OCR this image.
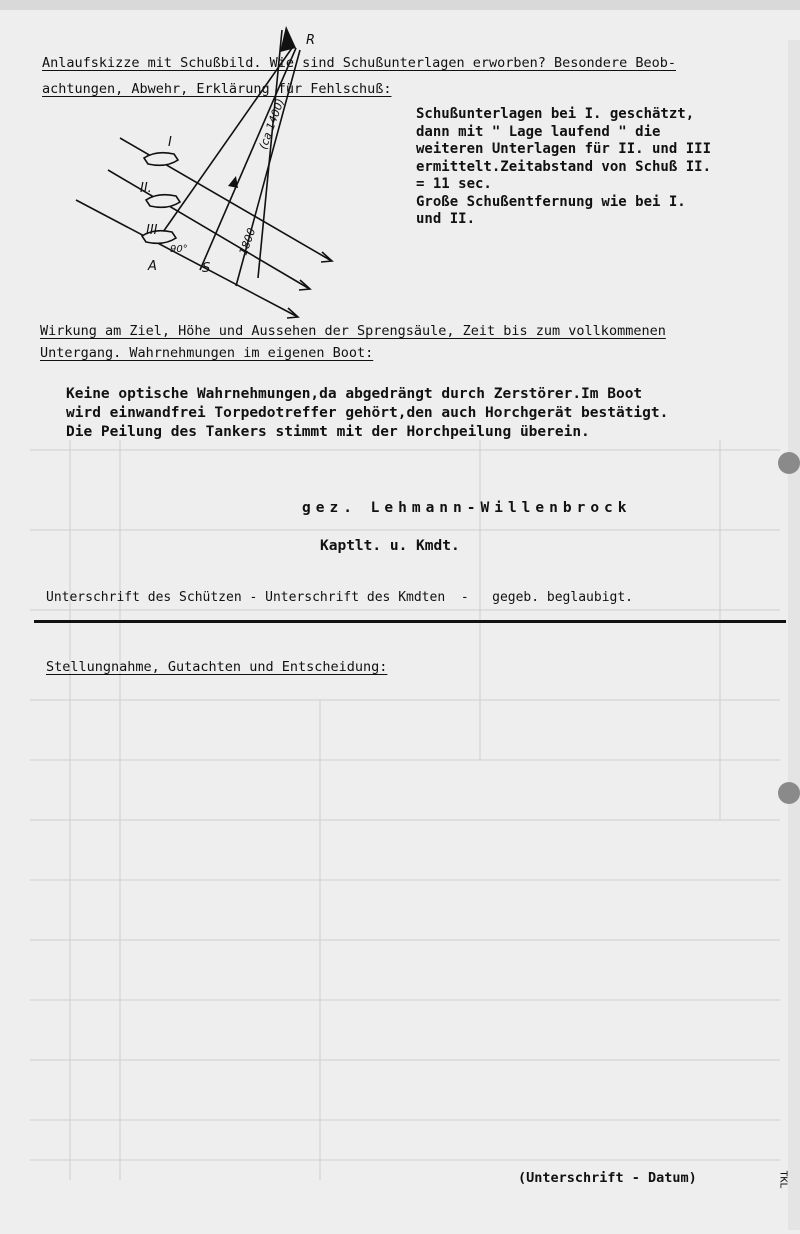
Anlaufskizze mit Schußbild. Wie sind Schußunterlagen erworben? Besondere Beob-
achtungen, Abwehr, Erklärung für Fehlschuß:
I
II.
III
A	S
90°
R
1800
(ca 1400)	Schußunterlagen bei I. geschätzt,
dann mit " Lage laufend " die
weiteren Unterlagen für II. und III
ermittelt.Zeitabstand von Schuß II.
= 11 sec.
Große Schußentfernung wie bei I.
und II.
Wirkung am Ziel, Höhe und Aussehen der Sprengsäule, Zeit bis zum vollkommenen
Untergang. Wahrnehmungen im eigenen Boot:
Keine optische Wahrnehmungen,da abgedrängt durch Zerstörer.Im Boot
wird einwandfrei Torpedotreffer gehört,den auch Horchgerät bestätigt.
Die Peilung des Tankers stimmt mit der Horchpeilung überein.
gez. Lehmann-Willenbrock
Kaptlt. u. Kmdt.
Unterschrift des Schützen - Unterschrift des Kmdten  -   gegeb. beglaubigt.
Stellungnahme, Gutachten und Entscheidung:
(Unterschrift - Datum)	TKL
